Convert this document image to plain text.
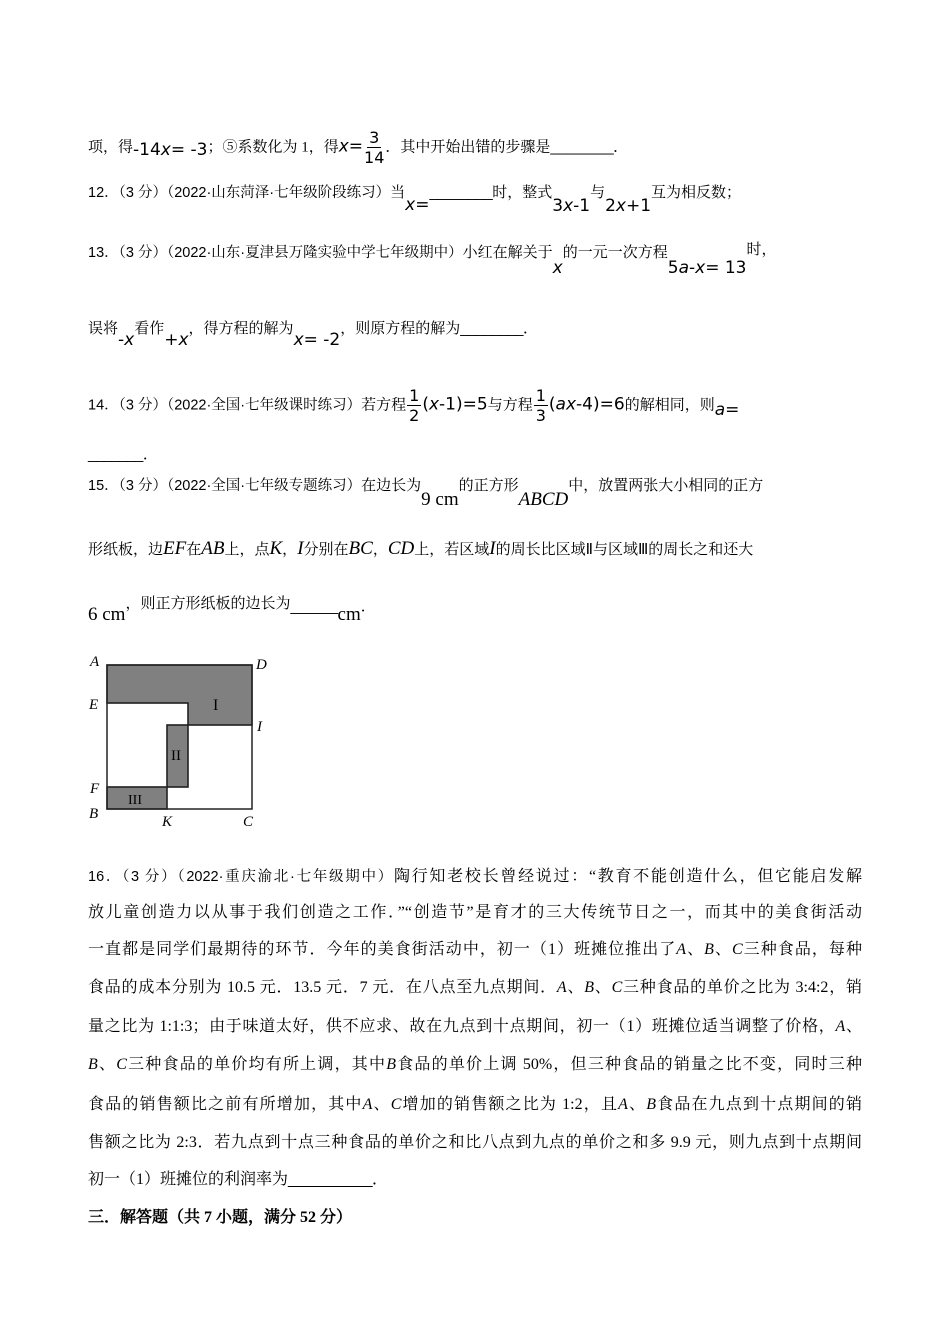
项，得-14x= -3；⑤系数化为 1，得$x= \frac{3}{14}$ ．其中开始出错的步骤是________．
12．（3 分）（2022·山东菏泽·七年级阶段练习）当x=________时，整式3x-1与2x+1互为相反数；
13．（3 分）（2022·山东·夏津县万隆实验中学七年级期中）小红在解关于x的一元一次方程5a-x= 13时，
误将-x看作+x，得方程的解为x= -2，则原方程的解为________．
14．（3 分）（2022·全国·七年级课时练习）若方程 $\frac{1}{2} (x-1)=5$与方程 $\frac{1}{3} (ax-4)=6$的解相同，则a=
_______．
15．（3 分）（2022·全国·七年级专题练习）在边长为9 cm的正方形ABCD中，放置两张大小相同的正方
形纸板，边EF在AB上，点K，I分别在BC，CD上，若区域I的周长比区域Ⅱ与区域Ⅲ的周长之和还大
6 cm，则正方形纸板的边长为______cm．
I
II
III
A	D
E
I
F
B	K	C
16．（3 分）（2022·重庆渝北·七年级期中）陶行知老校长曾经说过：“教育不能创造什么，但它能启发解
放儿童创造力以从事于我们创造之工作．”“创造节”是育才的三大传统节日之一，而其中的美食街活动
一直都是同学们最期待的环节．今年的美食街活动中，初一（1）班摊位推出了A、B、C三种食品，每种
食品的成本分别为 10.5 元．13.5 元．7 元．在八点至九点期间．A、B、C三种食品的单价之比为 3:4:2，销
量之比为 1:1:3；由于味道太好，供不应求、故在九点到十点期间，初一（1）班摊位适当调整了价格，A、
B、C三种食品的单价均有所上调，其中B食品的单价上调 50%，但三种食品的销量之比不变，同时三种
食品的销售额比之前有所增加，其中A、C增加的销售额之比为 1:2，且A、B食品在九点到十点期间的销
售额之比为 2:3．若九点到十点三种食品的单价之和比八点到九点的单价之和多 9.9 元，则九点到十点期间
初一（1）班摊位的利润率为__________．
三．解答题（共 7 小题，满分 52 分）
